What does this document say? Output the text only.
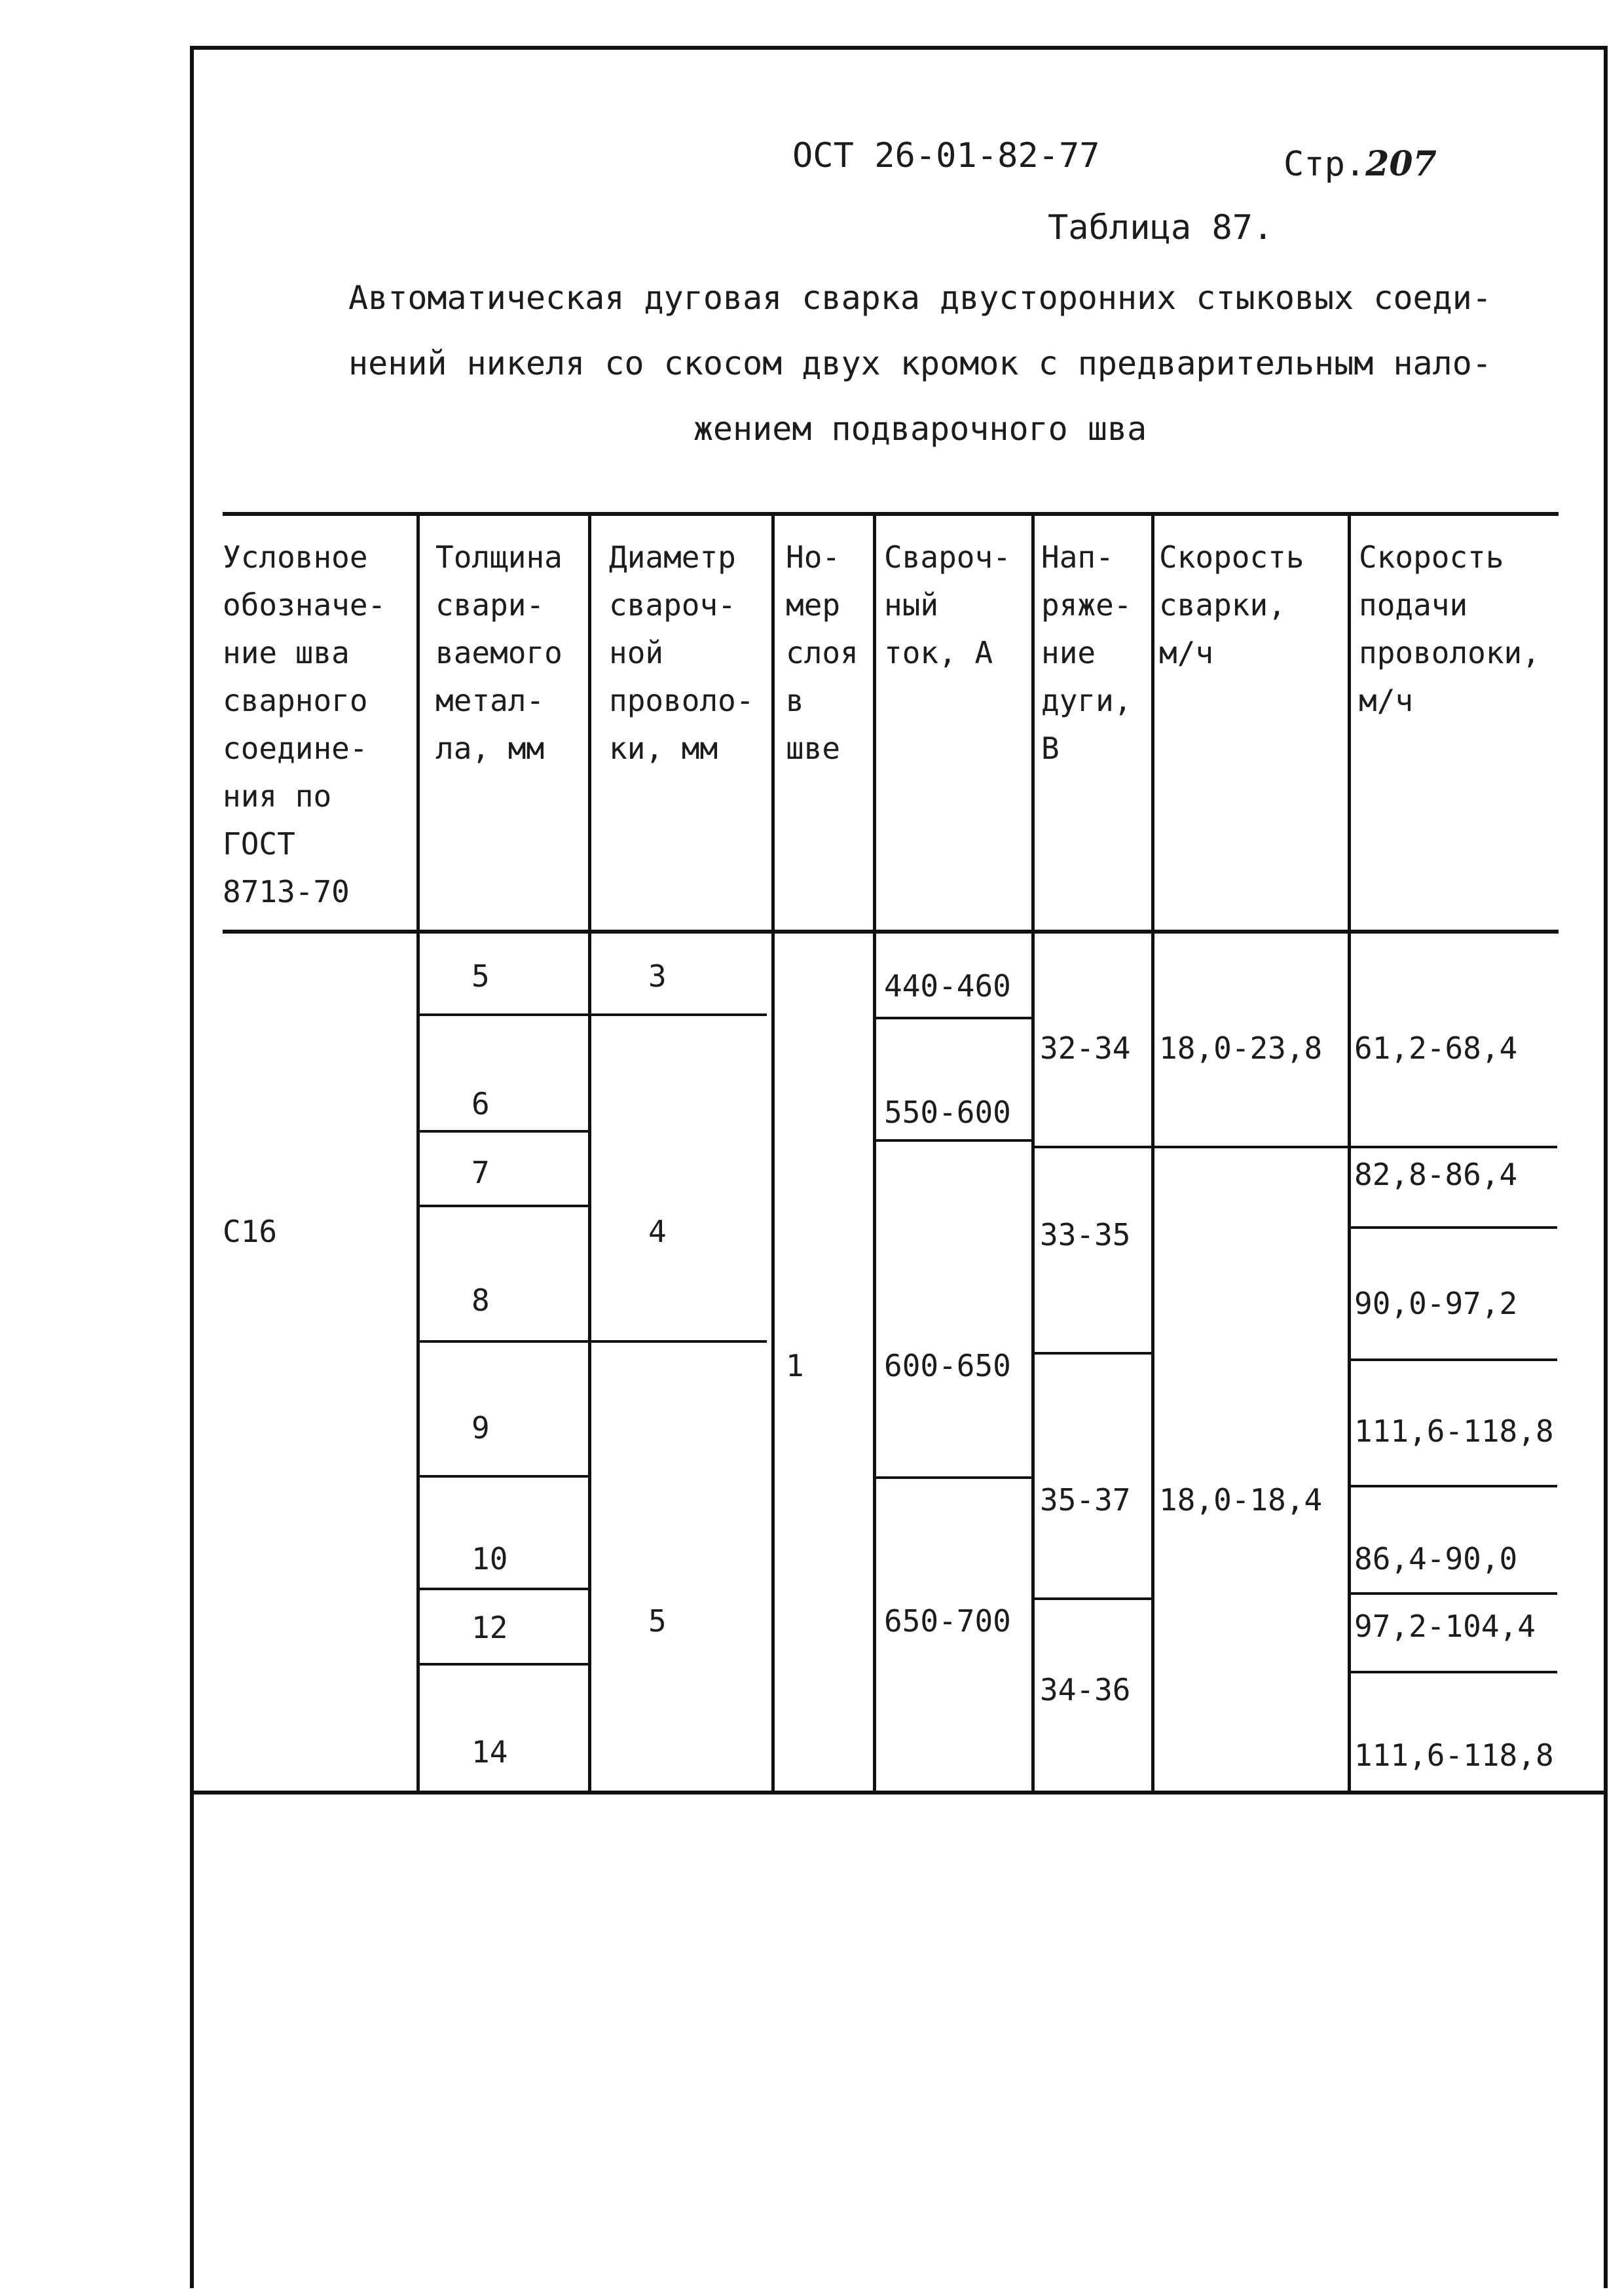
ОСТ 26-01-82-77	Стр.207
Таблица 87.
Автоматическая дуговая сварка двусторонних стыковых соеди-
нений никеля со скосом двух кромок с предварительным нало-
жением подварочного шва
Условное
обозначе-
ние шва
сварного
соедине-
ния по
ГОСТ
8713-70
Толщина
свари-
ваемого
метал-
ла, мм
Диаметр
свароч-
ной
проволо-
ки, мм
Но-
мер
слоя
в
шве
Свароч-
ный
ток, А
Нап-
ряже-
ние
дуги,
В
Скорость
сварки,
м/ч
Скорость
подачи
проволоки,
м/ч
С16
5
6
7
8
9
10
12
14
3
4
5
1
440-460
550-600
600-650
650-700
32-34
33-35
35-37
34-36
18,0-23,8
18,0-18,4
61,2-68,4
82,8-86,4
90,0-97,2
111,6-118,8
86,4-90,0
97,2-104,4
111,6-118,8
